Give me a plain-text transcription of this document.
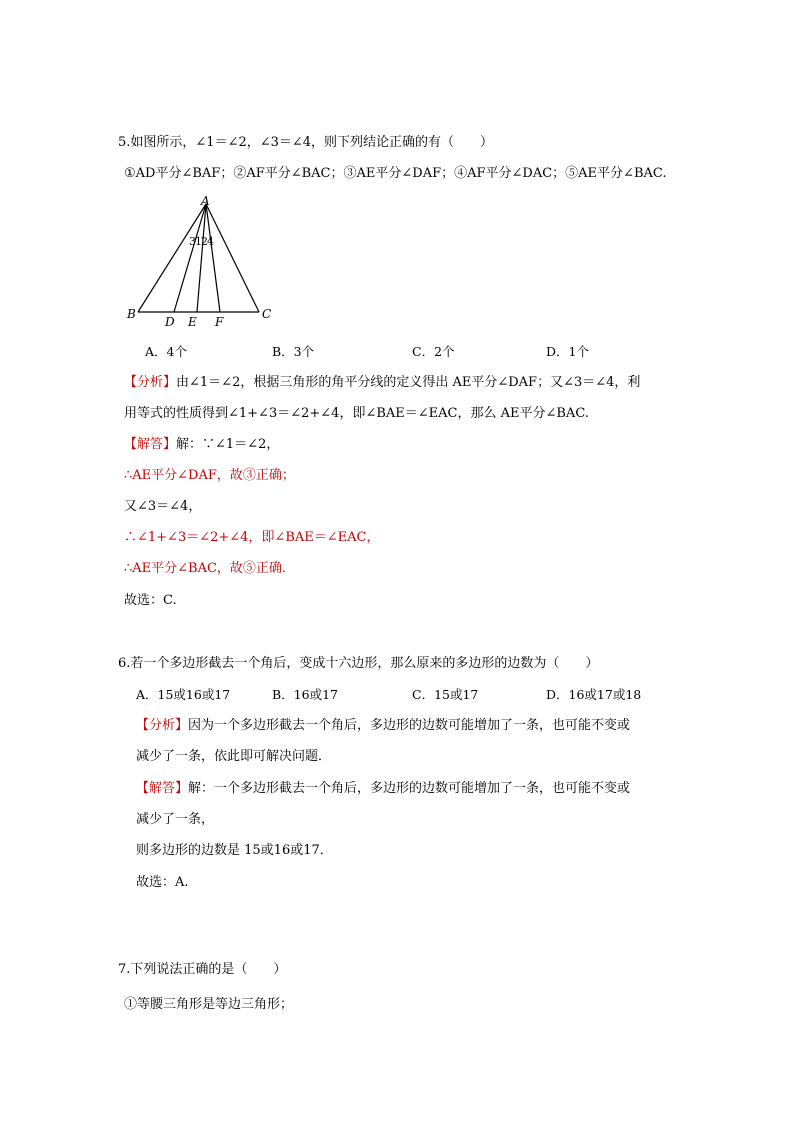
5.如图所示，∠1＝∠2，∠3＝∠4，则下列结论正确的有（　　）
①AD平分∠BAF；②AF平分∠BAC；③AE平分∠DAF；④AF平分∠DAC；⑤AE平分∠BAC.
A
3124
B	C
D E F
A．4个	B．3个	C．2个	D．1个
【分析】由∠1＝∠2，根据三角形的角平分线的定义得出 AE平分∠DAF；又∠3＝∠4，利
用等式的性质得到∠1+∠3＝∠2+∠4，即∠BAE＝∠EAC，那么 AE平分∠BAC.
【解答】解：∵∠1＝∠2，
∴AE平分∠DAF，故③正确；
又∠3＝∠4，
∴∠1+∠3＝∠2+∠4，即∠BAE＝∠EAC，
∴AE平分∠BAC，故⑤正确．
故选：C.
6.若一个多边形截去一个角后，变成十六边形，那么原来的多边形的边数为（　　）
A．15或16或17	B．16或17	C．15或17	D．16或17或18
【分析】因为一个多边形截去一个角后，多边形的边数可能增加了一条，也可能不变或
减少了一条，依此即可解决问题．
【解答】解：一个多边形截去一个角后，多边形的边数可能增加了一条，也可能不变或
减少了一条，
则多边形的边数是 15或16或17．
故选：A.
7.下列说法正确的是（　　）
①等腰三角形是等边三角形；
